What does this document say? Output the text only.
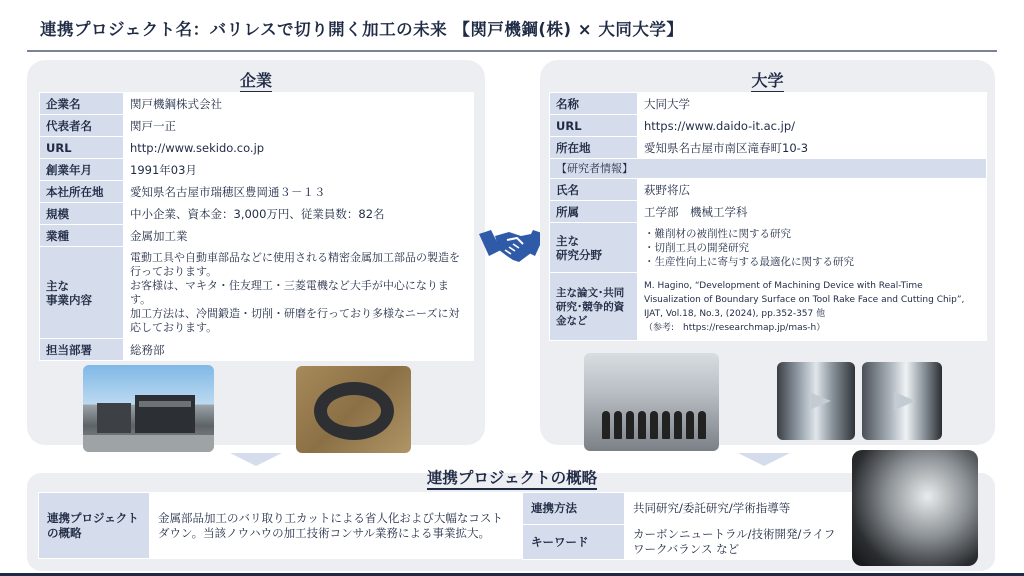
連携プロジェクト名：バリレスで切り開く加工の未来 【関戸機鋼(株) × 大同大学】
企業
企業名	関戸機鋼株式会社
代表者名	関戸一正
URL	http://www.sekido.co.jp
創業年月	1991年03月
本社所在地	愛知県名古屋市瑞穂区豊岡通３－１３
規模	中小企業、資本金：3,000万円、従業員数：82名
業種	金属加工業
主な
事業内容	電動工具や自動車部品などに使用される精密金属加工部品の製造を行っております。
お客様は、マキタ・住友理工・三菱電機など大手が中心になります。
加工方法は、冷間鍛造・切削・研磨を行っており多様なニーズに対応しております。
担当部署	総務部
大学
名称	大同大学
URL	https://www.daido-it.ac.jp/
所在地	愛知県名古屋市南区滝春町10-3
【研究者情報】	
氏名	萩野将広
所属	工学部　機械工学科
主な
研究分野	・難削材の被削性に関する研究
・切削工具の開発研究
・生産性向上に寄与する最適化に関する研究
主な論文･共同研究･競争的資金など	M. Hagino, “Development of Machining Device with Real-Time Visualization of Boundary Surface on Tool Rake Face and Cutting Chip”, IJAT, Vol.18, No.3, (2024), pp.352-357 他
（参考:　https://researchmap.jp/mas-h）
連携プロジェクトの概略
連携プロジェクトの概略	金属部品加工のバリ取り工カットによる省人化および大幅なコストダウン。当該ノウハウの加工技術コンサル業務による事業拡大。
連携方法	共同研究/委託研究/学術指導等
キーワード	カーボンニュートラル/技術開発/ライフワークバランス など
